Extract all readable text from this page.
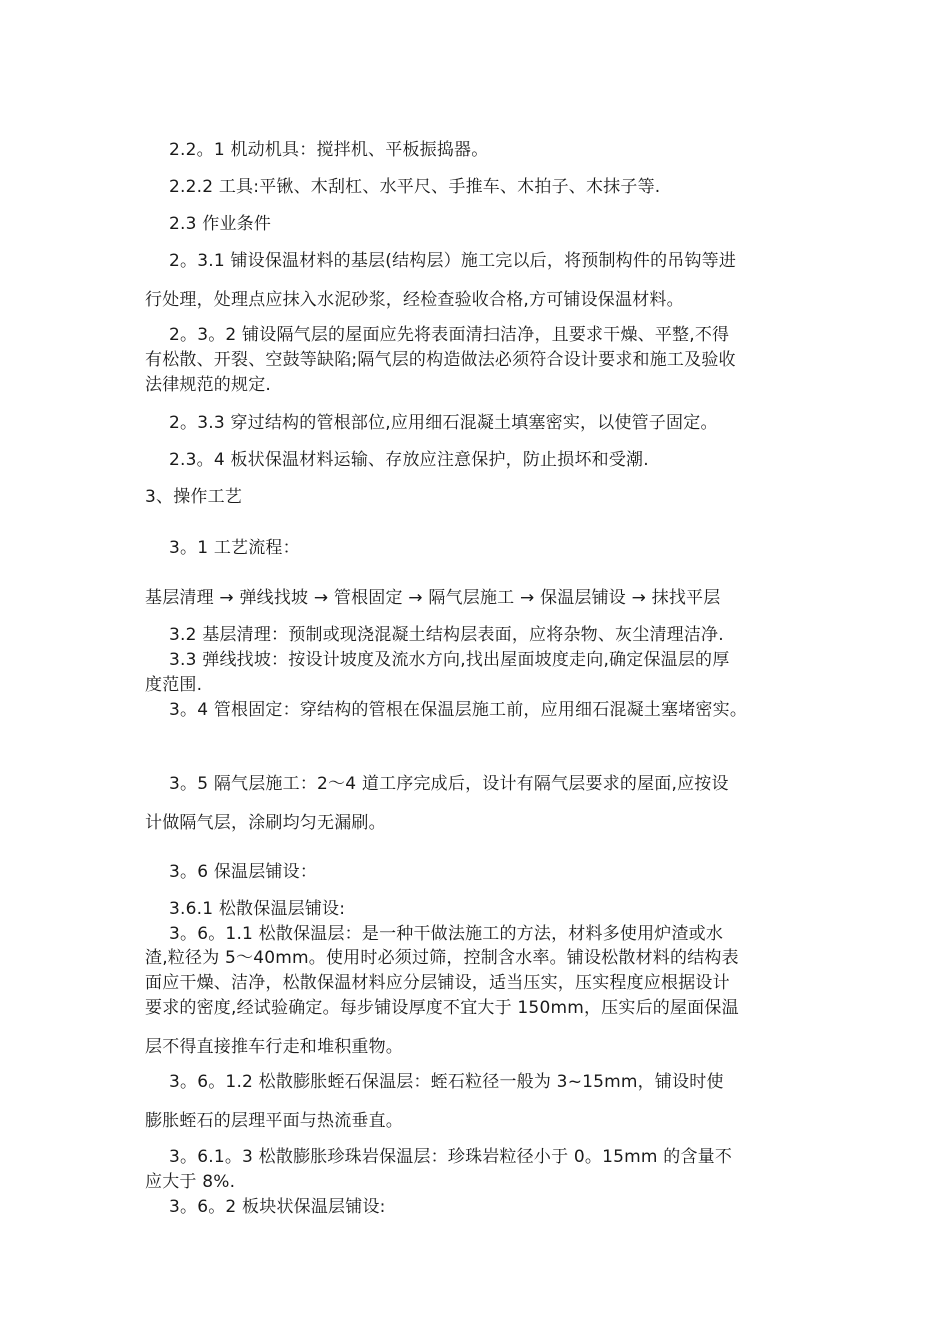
2.2。1 机动机具：搅拌机、平板振捣器。
2.2.2 工具:平锹、木刮杠、水平尺、手推车、木拍子、木抹子等.
2.3 作业条件
2。3.1 铺设保温材料的基层(结构层）施工完以后，将预制构件的吊钩等进
行处理，处理点应抹入水泥砂浆，经检查验收合格,方可铺设保温材料。
2。3。2 铺设隔气层的屋面应先将表面清扫洁净，且要求干燥、平整,不得
有松散、开裂、空鼓等缺陷;隔气层的构造做法必须符合设计要求和施工及验收
法律规范的规定.
2。3.3 穿过结构的管根部位,应用细石混凝土填塞密实，以使管子固定。
2.3。4 板状保温材料运输、存放应注意保护，防止损坏和受潮.
3、操作工艺
3。1 工艺流程：
基层清理 → 弹线找坡 → 管根固定 → 隔气层施工 → 保温层铺设 → 抹找平层
3.2 基层清理：预制或现浇混凝土结构层表面，应将杂物、灰尘清理洁净.
3.3 弹线找坡：按设计坡度及流水方向,找出屋面坡度走向,确定保温层的厚
度范围.
3。4 管根固定：穿结构的管根在保温层施工前，应用细石混凝土塞堵密实。
3。5 隔气层施工：2～4 道工序完成后，设计有隔气层要求的屋面,应按设
计做隔气层，涂刷均匀无漏刷。
3。6 保温层铺设：
3.6.1 松散保温层铺设:
3。6。1.1 松散保温层：是一种干做法施工的方法，材料多使用炉渣或水
渣,粒径为 5～40mm。使用时必须过筛，控制含水率。铺设松散材料的结构表
面应干燥、洁净，松散保温材料应分层铺设，适当压实，压实程度应根据设计
要求的密度,经试验确定。每步铺设厚度不宜大于 150mm，压实后的屋面保温
层不得直接推车行走和堆积重物。
3。6。1.2 松散膨胀蛭石保温层：蛭石粒径一般为 3~15mm，铺设时使
膨胀蛭石的层理平面与热流垂直。
3。6.1。3 松散膨胀珍珠岩保温层：珍珠岩粒径小于 0。15mm 的含量不
应大于 8%.
3。6。2 板块状保温层铺设:
